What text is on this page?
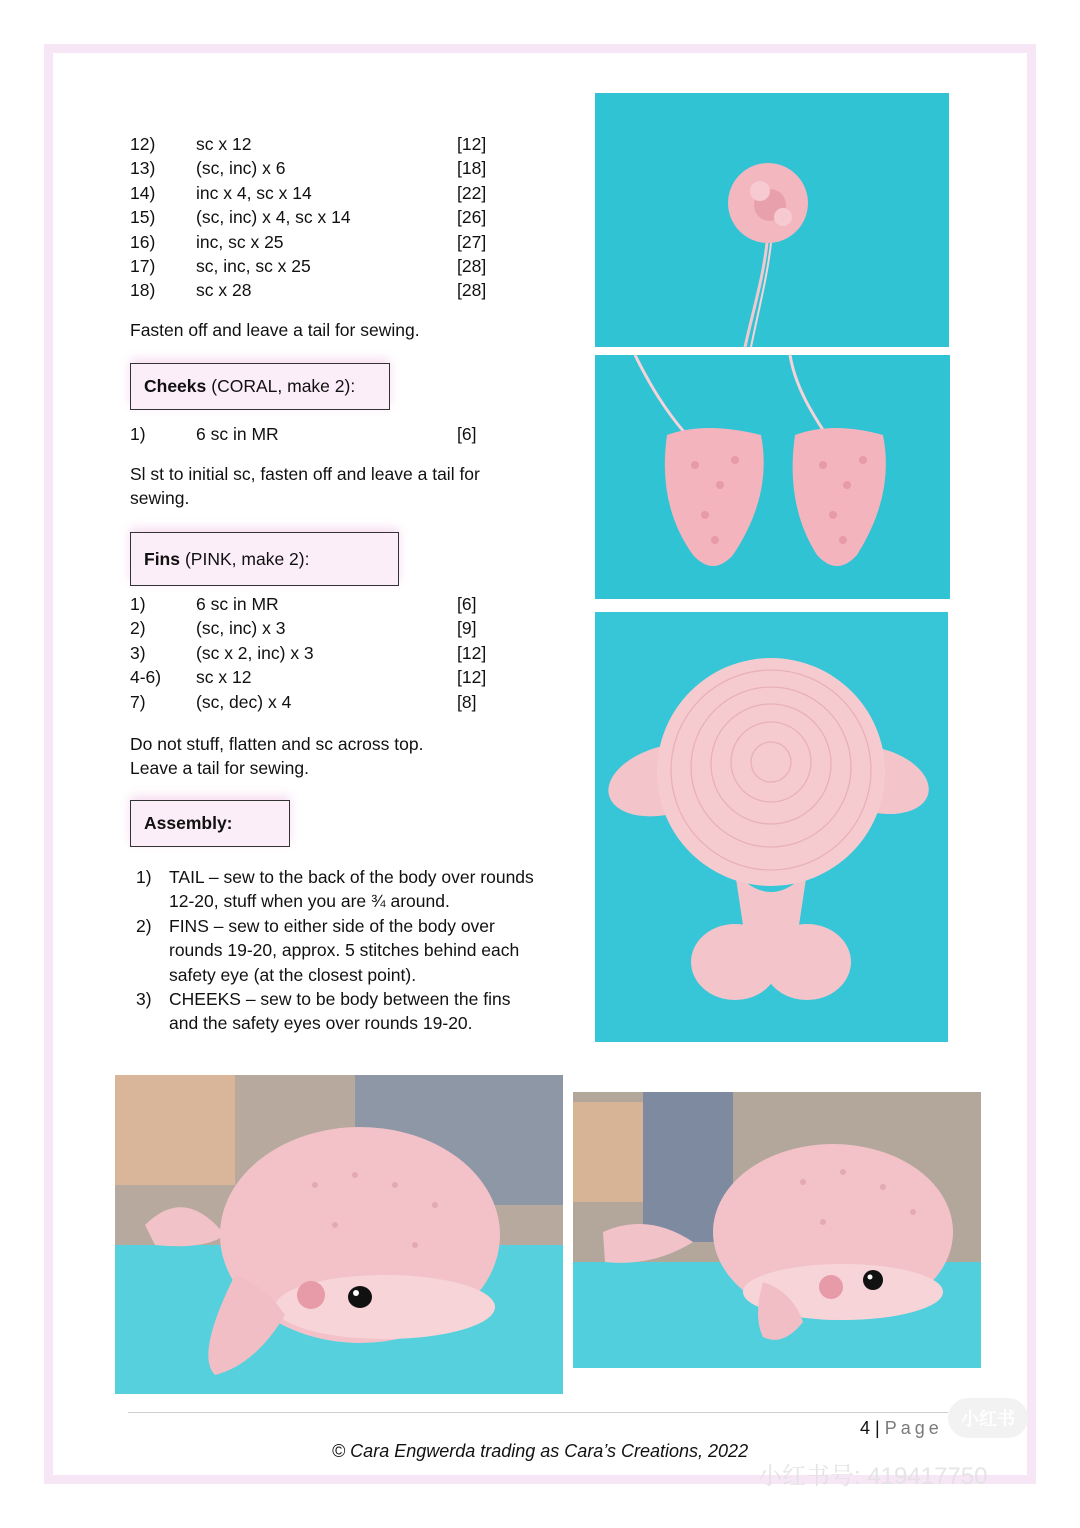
12) sc x 12	[12]
13) (sc, inc) x 6	[18]
14) inc x 4, sc x 14	[22]
15) (sc, inc) x 4, sc x 14	[26]
16) inc, sc x 25	[27]
17) sc, inc, sc x 25	[28]
18) sc x 28	[28]
Fasten off and leave a tail for sewing.
Cheeks (CORAL, make 2):
1)	6 sc in MR	[6]
Sl st to initial sc, fasten off and leave a tail for sewing.
Fins (PINK, make 2):
1)	6 sc in MR	[6]
2)	(sc, inc) x 3	[9]
3)	(sc x 2, inc) x 3	[12]
4-6) sc x 12	[12]
7)	(sc, dec) x 4	[8]
Do not stuff, flatten and sc across top.
Leave a tail for sewing.
Assembly:
1) TAIL – sew to the back of the body over rounds 12-20, stuff when you are ¾ around.
2) FINS – sew to either side of the body over rounds 19-20, approx. 5 stitches behind each safety eye (at the closest point).
3) CHEEKS – sew to be body between the fins and the safety eyes over rounds 19-20.
4 | Page
© Cara Engwerda trading as Cara’s Creations, 2022
小红书
小红书号: 419417750
